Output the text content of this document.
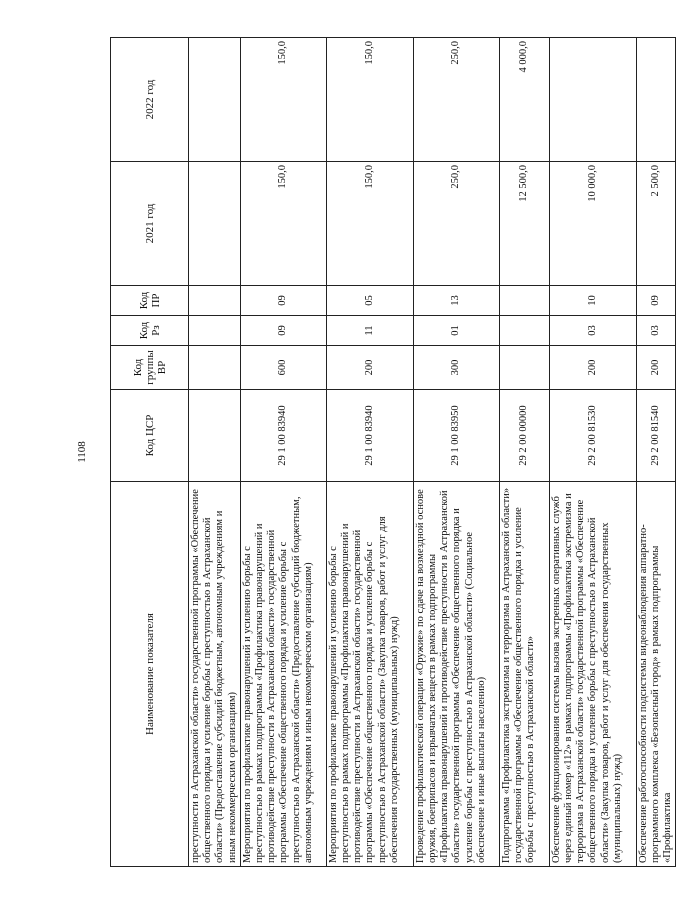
1108
Наименование показателя	Код ЦСР	Код группы ВР	Код Рз	Код ПР	2021 год	2022 год
преступности в Астраханской области» государственной программы «Обеспечение общественного порядка и усиление борьбы с преступностью в Астраханской области» (Предоставление субсидий бюджетным, автономным учреждениям и иным некоммерческим организациям)						
Мероприятия по профилактике правонарушений и усилению борьбы с преступностью в рамках подпрограммы «Профилактика правонарушений и противодействие преступности в Астраханской области» государственной программы «Обеспечение общественного порядка и усиление борьбы с преступностью в Астраханской области» (Предоставление субсидий бюджетным, автономным учреждениям и иным некоммерческим организациям)	29 1 00 83940	600	09	09	150,0	150,0
Мероприятия по профилактике правонарушений и усилению борьбы с преступностью в рамках подпрограммы «Профилактика правонарушений и противодействие преступности в Астраханской области» государственной программы «Обеспечение общественного порядка и усиление борьбы с преступностью в Астраханской области» (Закупка товаров, работ и услуг для обеспечения государственных (муниципальных) нужд)	29 1 00 83940	200	11	05	150,0	150,0
Проведение профилактической операции «Оружие» по сдаче на возмездной основе оружия, боеприпасов и взрывчатых веществ в рамках подпрограммы «Профилактика правонарушений и противодействие преступности в Астраханской области» государственной программы «Обеспечение общественного порядка и усиление борьбы с преступностью в Астраханской области» (Социальное обеспечение и иные выплаты населению)	29 1 00 83950	300	01	13	250,0	250,0
Подпрограмма «Профилактика экстремизма и терроризма в Астраханской области» государственной программы «Обеспечение общественного порядка и усиление борьбы с преступностью в Астраханской области»	29 2 00 00000				12 500,0	4 000,0
Обеспечение функционирования системы вызова экстренных оперативных служб через единый номер «112» в рамках подпрограммы «Профилактика экстремизма и терроризма в Астраханской области» государственной программы «Обеспечение общественного порядка и усиление борьбы с преступностью в Астраханской области» (Закупка товаров, работ и услуг для обеспечения государственных (муниципальных) нужд)	29 2 00 81530	200	03	10	10 000,0	
Обеспечение работоспособности подсистемы видеонаблюдения аппаратно-программного комплекса «Безопасный город» в рамках подпрограммы «Профилактика	29 2 00 81540	200	03	09	2 500,0	
